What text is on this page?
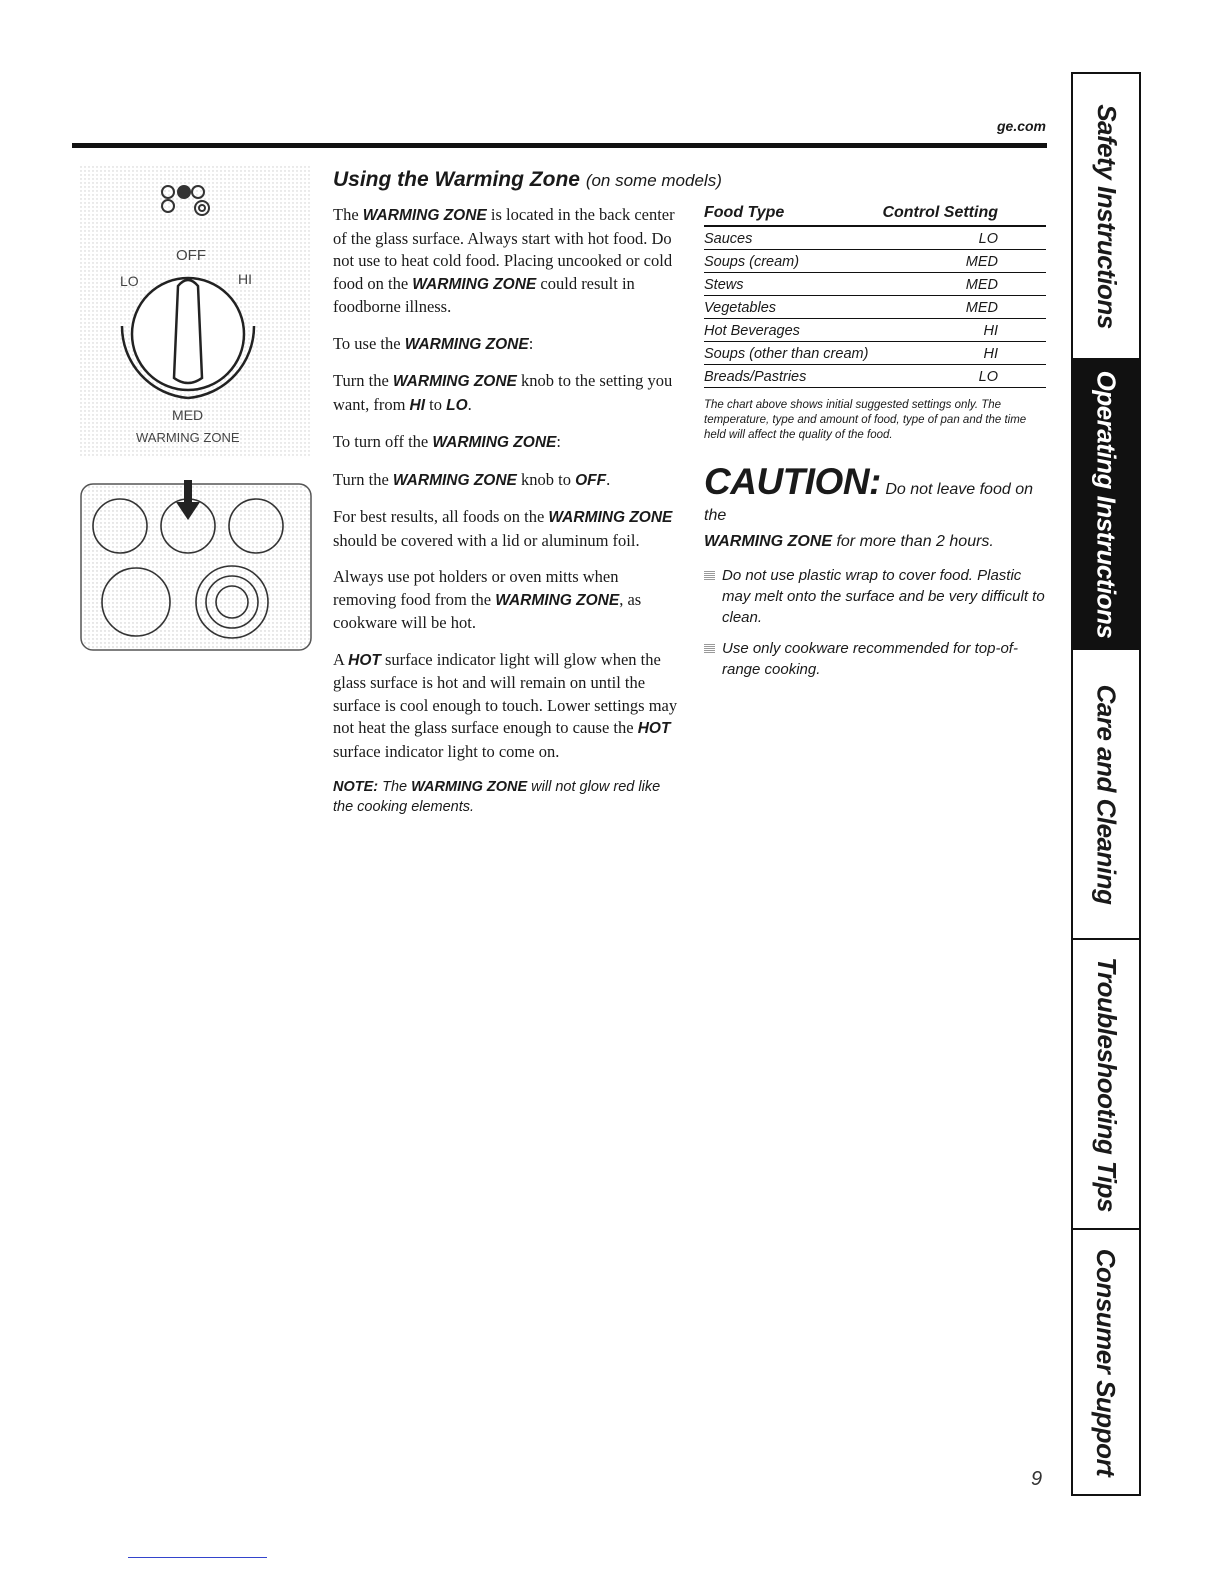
ge.com
OFF
LO	HI
MED
WARMING ZONE
Using the Warming Zone (on some models)

The WARMING ZONE is located in the back center of the glass surface. Always start with hot food. Do not use to heat cold food. Placing uncooked or cold food on the WARMING ZONE could result in foodborne illness.

To use the WARMING ZONE:

Turn the WARMING ZONE knob to the setting you want, from HI to LO.

To turn off the WARMING ZONE:

Turn the WARMING ZONE knob to OFF.

For best results, all foods on the WARMING ZONE should be covered with a lid or aluminum foil.

Always use pot holders or oven mitts when removing food from the WARMING ZONE, as cookware will be hot.

A HOT surface indicator light will glow when the glass surface is hot and will remain on until the surface is cool enough to touch. Lower settings may not heat the glass surface enough to cause the HOT surface indicator light to come on.

NOTE: The WARMING ZONE will not glow red like the cooking elements.
Food Type	Control Setting
Sauces	LO
Soups (cream)	MED
Stews	MED
Vegetables	MED
Hot Beverages	HI
Soups (other than cream)	HI
Breads/Pastries	LO
The chart above shows initial suggested settings only. The temperature, type and amount of food, type of pan and the time held will affect the quality of the food.
CAUTION: Do not leave food on the
WARMING ZONE for more than 2 hours.
Do not use plastic wrap to cover food. Plastic may melt onto the surface and be very difficult to clean.
Use only cookware recommended for top-of-range cooking.
Safety Instructions
Operating Instructions
Care and Cleaning
Troubleshooting Tips
Consumer Support
9
